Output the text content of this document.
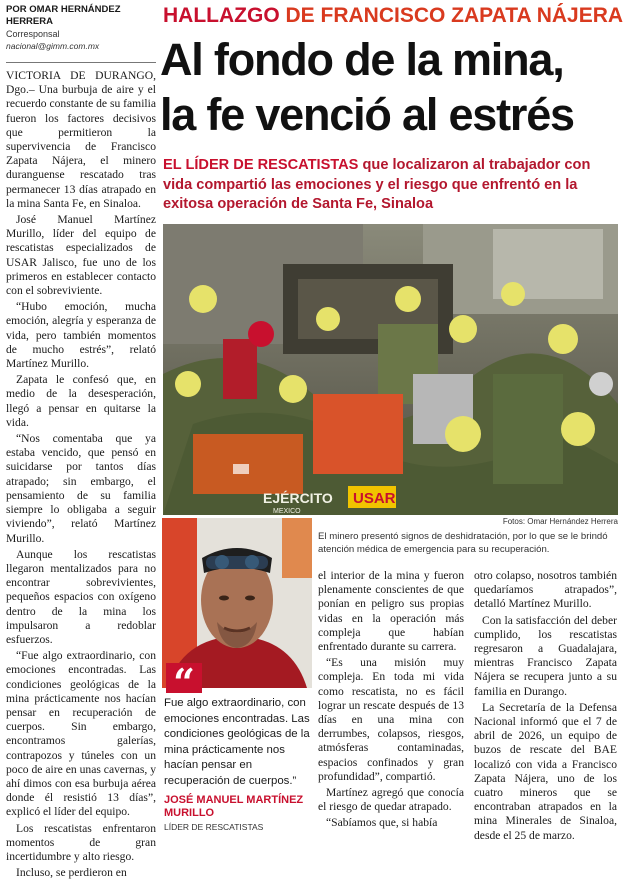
POR OMAR HERNÁNDEZ HERRERA
Corresponsal
nacional@gimm.com.mx
HALLAZGO DE FRANCISCO ZAPATA NÁJERA
Al fondo de la mina,
la fe venció al estrés
EL LÍDER DE RESCATISTAS que localizaron al trabajador con vida compartió las emociones y el riesgo que enfrentó en la exitosa operación de Santa Fe, Sinaloa

VICTORIA DE DURANGO, Dgo.– Una burbuja de aire y el recuerdo constante de su familia fueron los factores decisivos que permitieron la supervivencia de Francisco Zapata Nájera, el minero duranguense rescatado tras permanecer 13 días atrapado en la mina Santa Fe, en Sinaloa.

José Manuel Martínez Murillo, líder del equipo de rescatistas especializados de USAR Jalisco, fue uno de los primeros en establecer contacto con el sobreviviente.

“Hubo emoción, mucha emoción, alegría y esperanza de vida, pero también momentos de mucho estrés”, relató Martínez Murillo.

Zapata le confesó que, en medio de la desesperación, llegó a pensar en quitarse la vida.

“Nos comentaba que ya estaba vencido, que pensó en suicidarse por tantos días atrapado; sin embargo, el pensamiento de su familia siempre lo obligaba a seguir viviendo”, relató Martínez Murillo.

Aunque los rescatistas llegaron mentalizados para no encontrar sobrevivientes, pequeños espacios con oxígeno dentro de la mina los impulsaron a redoblar esfuerzos.

“Fue algo extraordinario, con emociones encontradas. Las condiciones geológicas de la mina prácticamente nos hacían pensar en recuperación de cuerpos. Sin embargo, encontramos galerías, contrapozos y túneles con un poco de aire en unas cavernas, y ahí dimos con esa burbuja aérea donde él resistió 13 días”, explicó el líder del equipo.

Los rescatistas enfrentaron momentos de gran incertidumbre y alto riesgo.

Incluso, se perdieron en

EJÉRCITO
MEXICO
USAR
Fotos: Omar Hernández Herrera
El minero presentó signos de deshidratación, por lo que se le brindó atención médica de emergencia para su recuperación.
“
Fue algo extraordinario, con emociones encontradas. Las condiciones geológicas de la mina prácticamente nos hacían pensar en recuperación de cuerpos.”
JOSÉ MANUEL MARTÍNEZ MURILLO
LÍDER DE RESCATISTAS

el interior de la mina y fueron plenamente conscientes de que ponían en peligro sus propias vidas en la operación más compleja que habían enfrentado durante su carrera.

“Es una misión muy compleja. En toda mi vida como rescatista, no es fácil lograr un rescate después de 13 días en una mina con derrumbes, colapsos, riesgos, atmósferas contaminadas, espacios confinados y gran profundidad”, compartió.

Martínez agregó que conocía el riesgo de quedar atrapado.

“Sabíamos que, si había

otro colapso, nosotros también quedaríamos atrapados”, detalló Martínez Murillo.

Con la satisfacción del deber cumplido, los rescatistas regresaron a Guadalajara, mientras Francisco Zapata Nájera se recupera junto a su familia en Durango.

La Secretaría de la Defensa Nacional informó que el 7 de abril de 2026, un equipo de buzos de rescate del BAE localizó con vida a Francisco Zapata Nájera, uno de los cuatro mineros que se encontraban atrapados en la mina Minerales de Sinaloa, desde el 25 de marzo.
